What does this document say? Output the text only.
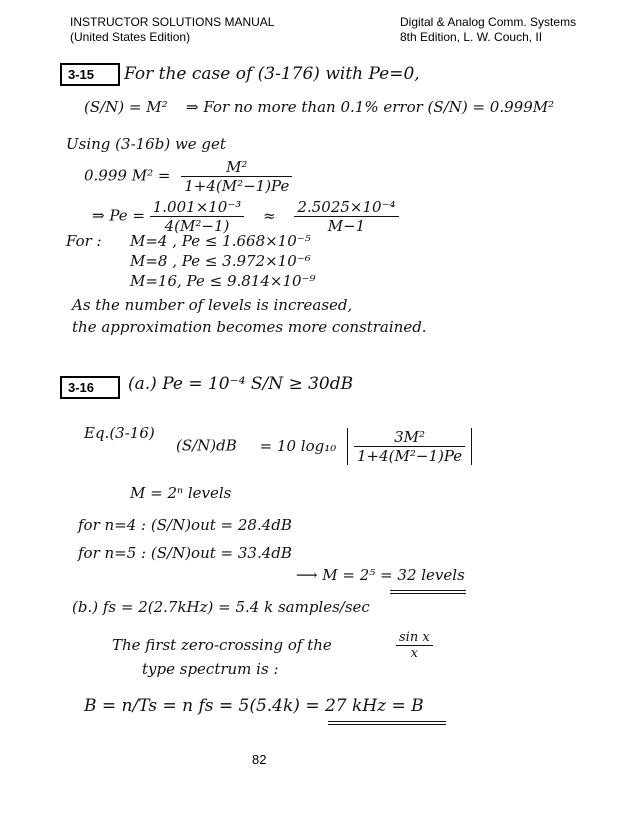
INSTRUCTOR SOLUTIONS MANUAL
(United States Edition)
Digital & Analog Comm. Systems
8th Edition, L. W. Couch, II
3-15	For the case of (3-176) with Pe=0,
(S/N) = M² ⇒ For no more than 0.1% error (S/N) = 0.999M²
Using (3-16b) we get
0.999 $M^2 = \frac{\text{M²}}{\text{1+4(M²−1)Pe}}$
⇒ $Pe = \frac{\text{1.001×10⁻³}}{\text{4(M²−1)}} \approx \frac{\text{2.5025×10⁻⁴}}{M-1}$
For : M=4 , Pe ≤ 1.668×10⁻⁵
M=8 , Pe ≤ 3.972×10⁻⁶
M=16, Pe ≤ 9.814×10⁻⁹
As the number of levels is increased,
the approximation becomes more constrained.
3-16	(a.) Pe = 10⁻⁴ S/N ≥ 30dB
Eq.(3-16)
(S/N)dB = 10 $\log_{10} \frac{\text{3M²}}{\text{1+4(M²−1)Pe}}$
M = 2ⁿ levels
for n=4 : (S/N)out = 28.4dB
for n=5 : (S/N)out = 33.4dB
⟶ M = 2⁵ = 32 levels
(b.) fs = 2(2.7kHz) = 5.4 k samples/sec
The first zero-crossing of the	$\frac{\text{sin x}}{x}$
type spectrum is :
B = n/Ts = n fs = 5(5.4k) = 27 kHz = B
82
